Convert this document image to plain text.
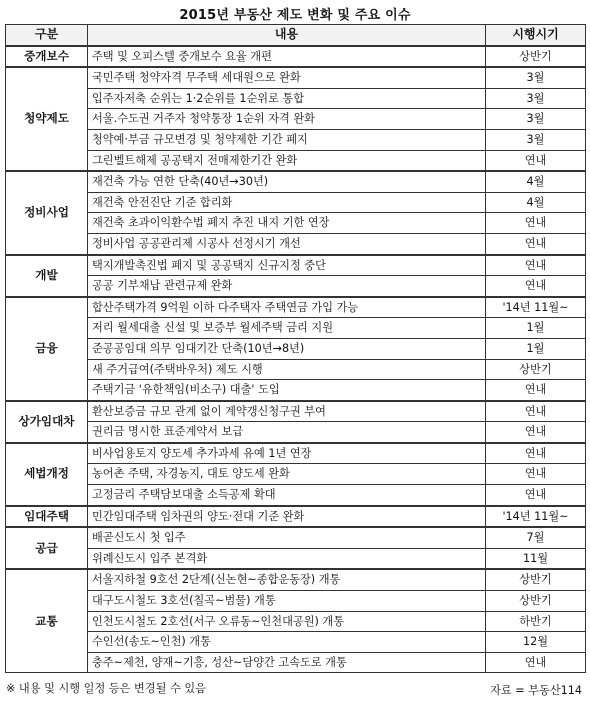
2015년 부동산 제도 변화 및 주요 이슈
구분	내용	시행시기
중개보수	주택 및 오피스텔 중개보수 요율 개편	상반기
청약제도	국민주택 청약자격 무주택 세대원으로 완화	3월
	입주자저축 순위는 1·2순위를 1순위로 통합	3월
	서울.수도권 거주자 청약통장 1순위 자격 완화	3월
	청약예·부금 규모변경 및 청약제한 기간 폐지	3월
	그린벨트해제 공공택지 전매제한기간 완화	연내
정비사업	재건축 가능 연한 단축(40년→30년)	4월
	재건축 안전진단 기준 합리화	4월
	재건축 초과이익환수법 폐지 추진 내지 기한 연장	연내
	정비사업 공공관리제 시공사 선정시기 개선	연내
개발	택지개발촉진법 폐지 및 공공택지 신규지정 중단	연내
	공공 기부채납 관련규제 완화	연내
금융	합산주택가격 9억원 이하 다주택자 주택연금 가입 가능	'14년 11월~
	저리 월세대출 신설 및 보증부 월세주택 금리 지원	1월
	준공공임대 의무 임대기간 단축(10년→8년)	1월
	새 주거급여(주택바우처) 제도 시행	상반기
	주택기금 '유한책임(비소구) 대출' 도입	연내
상가임대차	환산보증금 규모 관계 없이 계약갱신청구권 부여	연내
	권리금 명시한 표준계약서 보급	연내
세법개정	비사업용토지 양도세 추가과세 유예 1년 연장	연내
	농어촌 주택, 자경농지, 대토 양도세 완화	연내
	고정금리 주택담보대출 소득공제 확대	연내
임대주택	민간임대주택 임차권의 양도·전대 기준 완화	'14년 11월~
공급	배곧신도시 첫 입주	7월
	위례신도시 입주 본격화	11월
교통	서울지하철 9호선 2단계(신논현~종합운동장) 개통	상반기
	대구도시철도 3호선(칠곡~범물) 개통	상반기
	인천도시철도 2호선(서구 오류동~인천대공원) 개통	하반기
	수인선(송도~인천) 개통	12월
	충주~제천, 양재~기흥, 성산~담양간 고속도로 개통	연내
※ 내용 및 시행 일정 등은 변경될 수 있음	자료 = 부동산114
